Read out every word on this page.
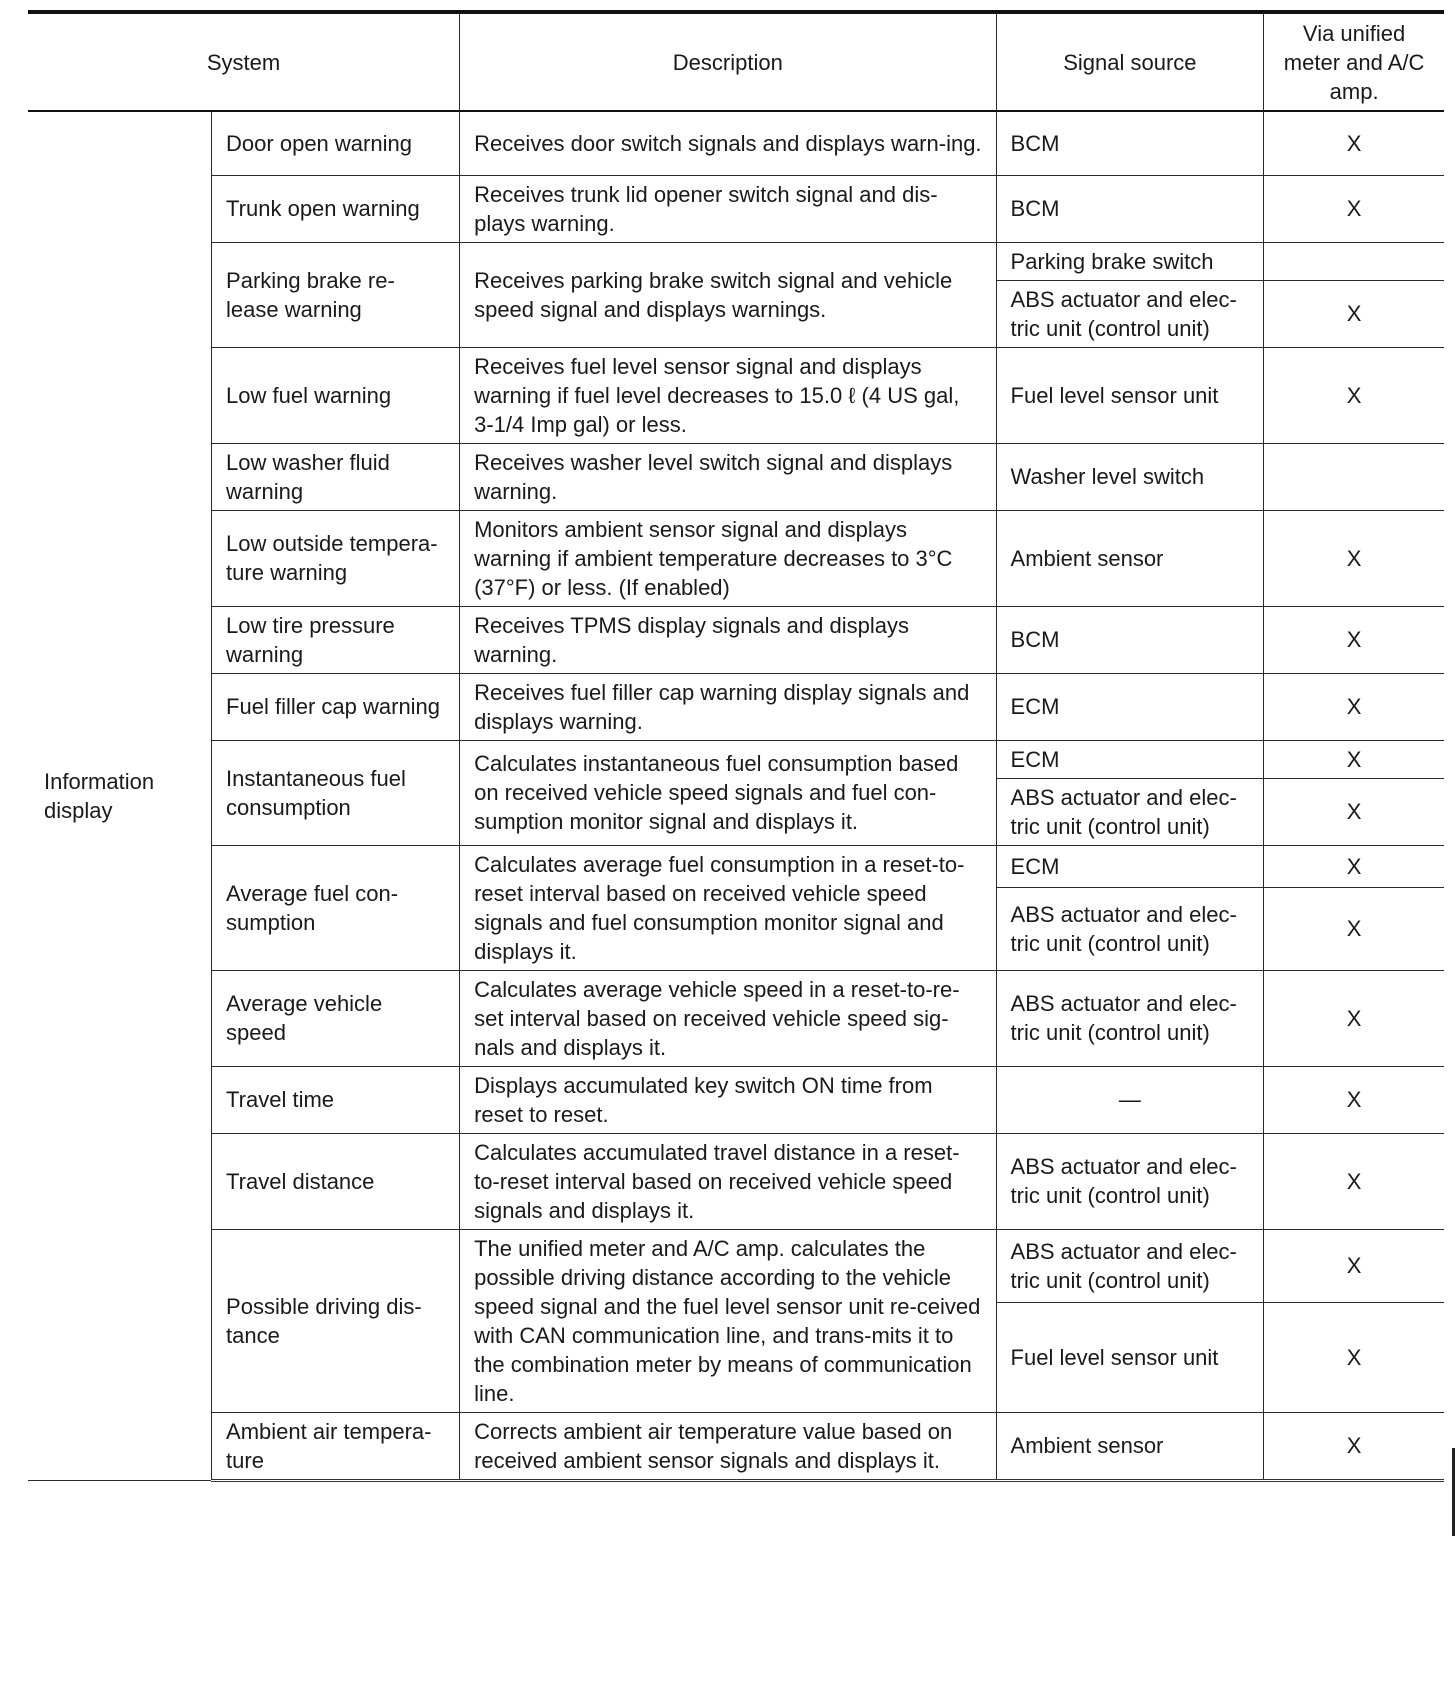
System		Description	Signal source	Via unified meter and A/C amp.
Information display	Door open warning	Receives door switch signals and displays warn-ing.	BCM	X
	Trunk open warning	Receives trunk lid opener switch signal and dis-plays warning.	BCM	X
	Parking brake re-lease warning	Receives parking brake switch signal and vehicle speed signal and displays warnings.	Parking brake switch	
			ABS actuator and elec-tric unit (control unit)	X
	Low fuel warning	Receives fuel level sensor signal and displays warning if fuel level decreases to 15.0 ℓ (4 US gal, 3-1/4 Imp gal) or less.	Fuel level sensor unit	X
	Low washer fluid warning	Receives washer level switch signal and displays warning.	Washer level switch	
	Low outside tempera-ture warning	Monitors ambient sensor signal and displays warning if ambient temperature decreases to 3°C (37°F) or less. (If enabled)	Ambient sensor	X
	Low tire pressure warning	Receives TPMS display signals and displays warning.	BCM	X
	Fuel filler cap warning	Receives fuel filler cap warning display signals and displays warning.	ECM	X
	Instantaneous fuel consumption	Calculates instantaneous fuel consumption based on received vehicle speed signals and fuel con-sumption monitor signal and displays it.	ECM	X
			ABS actuator and elec-tric unit (control unit)	X
	Average fuel con-sumption	Calculates average fuel consumption in a reset-to-reset interval based on received vehicle speed signals and fuel consumption monitor signal and displays it.	ECM	X
			ABS actuator and elec-tric unit (control unit)	X
	Average vehicle speed	Calculates average vehicle speed in a reset-to-re-set interval based on received vehicle speed sig-nals and displays it.	ABS actuator and elec-tric unit (control unit)	X
	Travel time	Displays accumulated key switch ON time from reset to reset.	—	X
	Travel distance	Calculates accumulated travel distance in a reset-to-reset interval based on received vehicle speed signals and displays it.	ABS actuator and elec-tric unit (control unit)	X
	Possible driving dis-tance	The unified meter and A/C amp. calculates the possible driving distance according to the vehicle speed signal and the fuel level sensor unit re-ceived with CAN communication line, and trans-mits it to the combination meter by means of communication line.	ABS actuator and elec-tric unit (control unit)	X
			Fuel level sensor unit	X
	Ambient air tempera-ture	Corrects ambient air temperature value based on received ambient sensor signals and displays it.	Ambient sensor	X
